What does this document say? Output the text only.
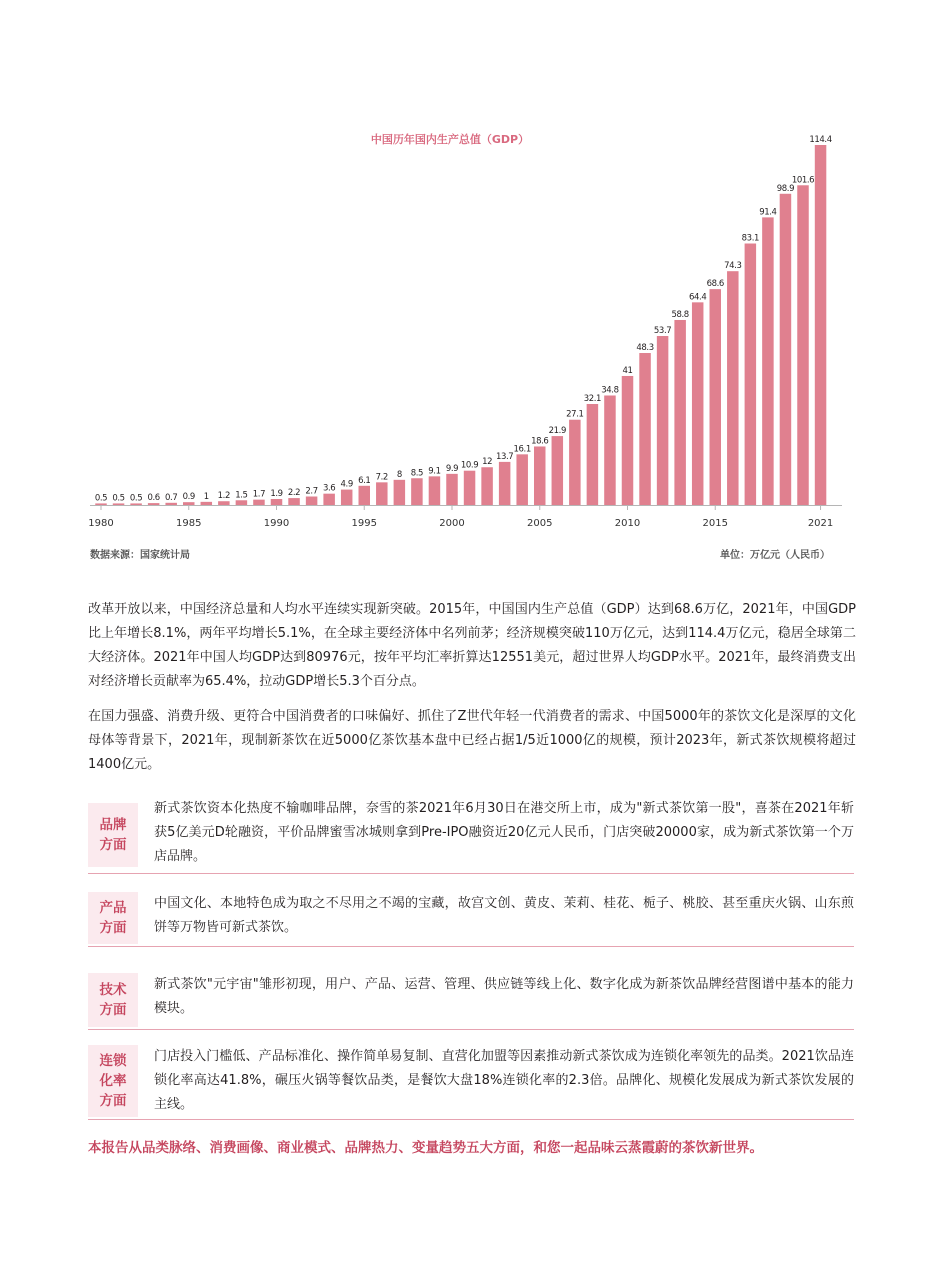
中国历年国内生产总值（GDP）
0.5 0.5 0.5 0.6 0.7 0.9 1 1.2 1.5 1.7 1.9 2.2 2.7 3.6 4.9 6.1 7.2 8 8.5 9.1 9.9 10.9 12
13.7
16.1
18.6
21.9
27.1
32.1
34.8
41
48.3
53.7
58.8
64.4
68.6
74.3
83.1
91.4
98.9
101.6
114.4
1980	1985	1990	1995	2000	2005	2010	2015	2021
数据来源：国家统计局	单位：万亿元（人民币）

改革开放以来，中国经济总量和人均水平连续实现新突破。2015年，中国国内生产总值（GDP）达到68.6万亿，2021年，中国GDP比上年增长8.1%，两年平均增长5.1%，在全球主要经济体中名列前茅；经济规模突破110万亿元，达到114.4万亿元，稳居全球第二大经济体。2021年中国人均GDP达到80976元，按年平均汇率折算达12551美元，超过世界人均GDP水平。2021年，最终消费支出对经济增长贡献率为65.4%，拉动GDP增长5.3个百分点。

在国力强盛、消费升级、更符合中国消费者的口味偏好、抓住了Z世代年轻一代消费者的需求、中国5000年的茶饮文化是深厚的文化母体等背景下，2021年，现制新茶饮在近5000亿茶饮基本盘中已经占据1/5近1000亿的规模，预计2023年，新式茶饮规模将超过1400亿元。

品牌方面

新式茶饮资本化热度不输咖啡品牌，奈雪的茶2021年6月30日在港交所上市，成为"新式茶饮第一股"，喜茶在2021年斩获5亿美元D轮融资，平价品牌蜜雪冰城则拿到Pre-IPO融资近20亿元人民币，门店突破20000家，成为新式茶饮第一个万店品牌。

产品方面

中国文化、本地特色成为取之不尽用之不竭的宝藏，故宫文创、黄皮、茉莉、桂花、栀子、桃胶、甚至重庆火锅、山东煎饼等万物皆可新式茶饮。

技术方面

新式茶饮"元宇宙"雏形初现，用户、产品、运营、管理、供应链等线上化、数字化成为新茶饮品牌经营图谱中基本的能力模块。

连锁化率方面

门店投入门槛低、产品标准化、操作简单易复制、直营化加盟等因素推动新式茶饮成为连锁化率领先的品类。2021饮品连锁化率高达41.8%，碾压火锅等餐饮品类，是餐饮大盘18%连锁化率的2.3倍。品牌化、规模化发展成为新式茶饮发展的主线。

本报告从品类脉络、消费画像、商业模式、品牌热力、变量趋势五大方面，和您一起品味云蒸霞蔚的茶饮新世界。
